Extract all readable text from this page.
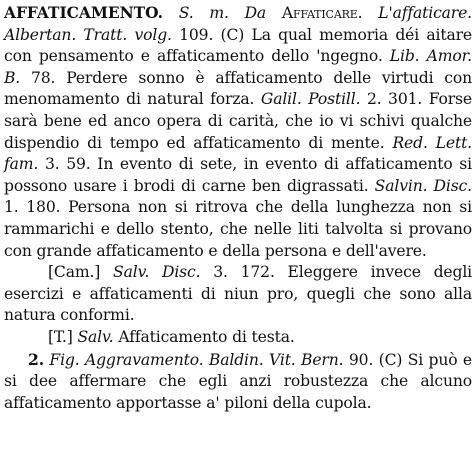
AFFATICAMENTO. S. m. Da Affaticare. L'affaticare. Albertan. Tratt. volg. 109. (C) La qual memoria déi aitare con pensamento e affaticamento dello 'ngegno. Lib. Amor. B. 78. Perdere sonno è affaticamento delle virtudi con menomamento di natural forza. Galil. Postill. 2. 301. Forse sarà bene ed anco opera di carità, che io vi schivi qualche dispendio di tempo ed affaticamento di mente. Red. Lett. fam. 3. 59. In evento di sete, in evento di affaticamento si possono usare i brodi di carne ben digrassati. Salvin. Disc. 1. 180. Persona non si ritrova che della lunghezza non si rammarichi e dello stento, che nelle liti talvolta si provano con grande affaticamento e della persona e dell'avere.

[Cam.] Salv. Disc. 3. 172. Eleggere invece degli esercizi e affaticamenti di niun pro, quegli che sono alla natura conformi.

[T.] Salv. Affaticamento di testa.

2. Fig. Aggravamento. Baldin. Vit. Bern. 90. (C) Si può e si dee affermare che egli anzi robustezza che alcuno affaticamento apportasse a' piloni della cupola.
